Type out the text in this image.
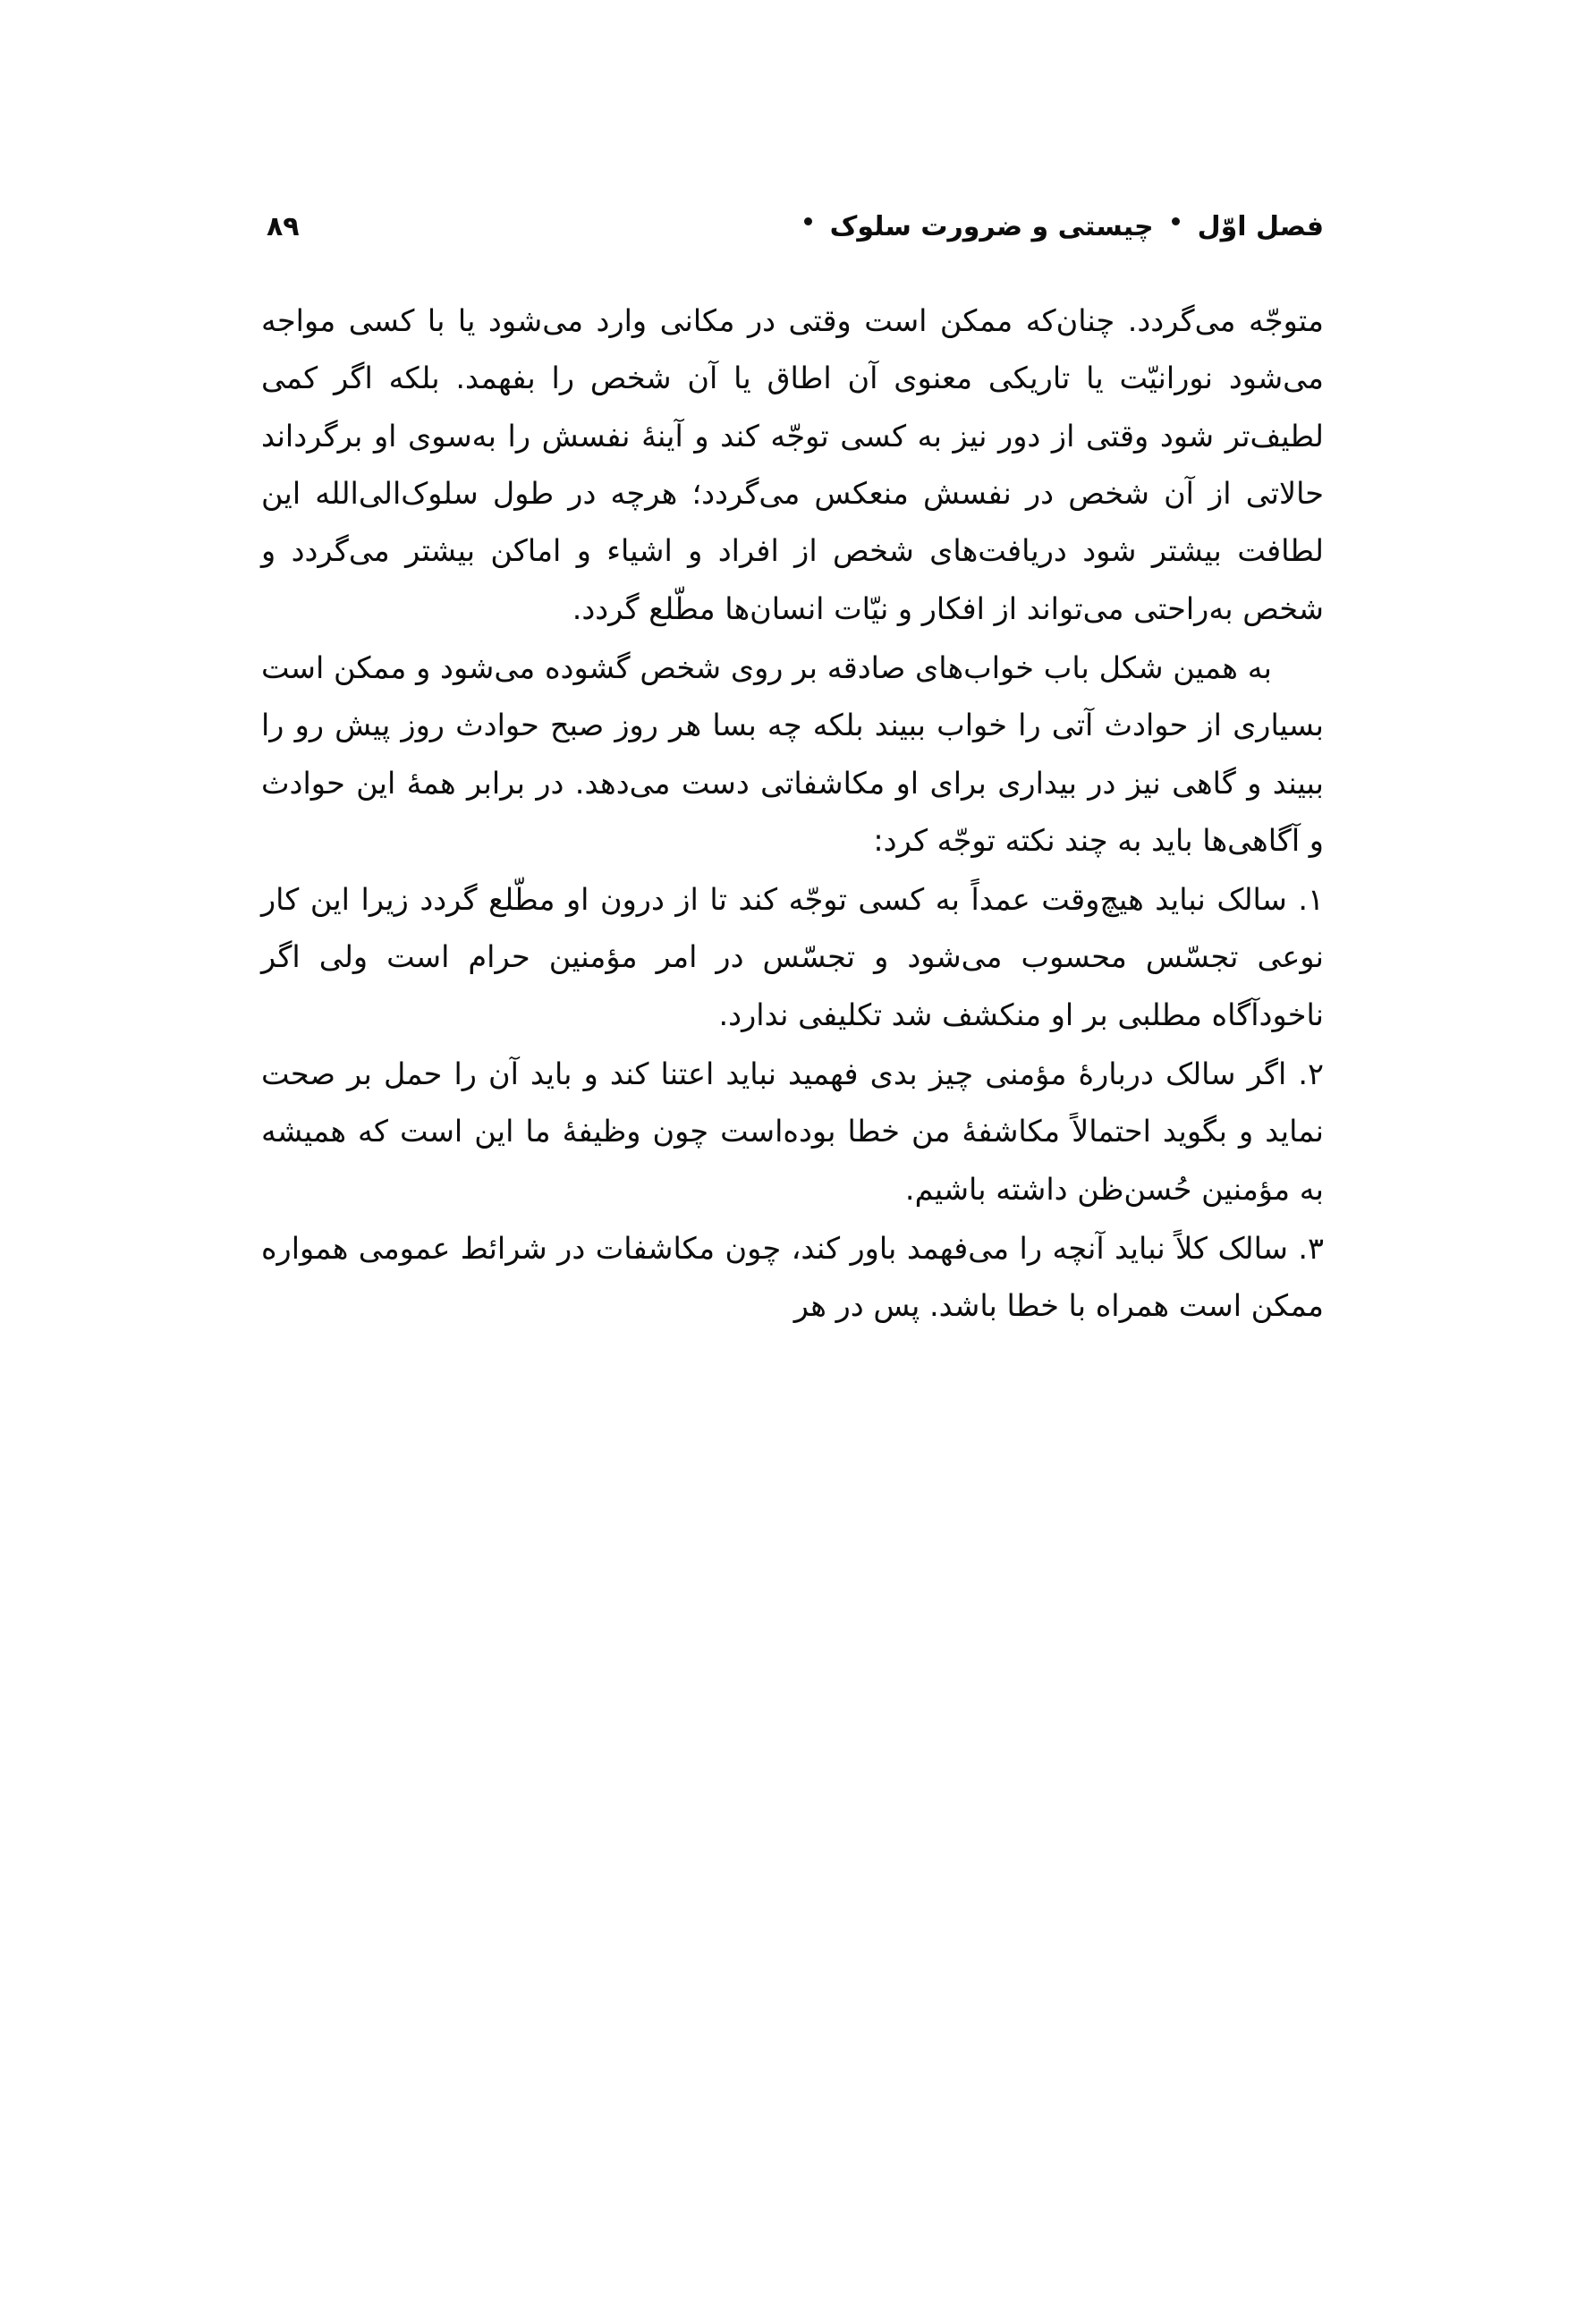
فصل اوّل
چیستی و ضرورت سلوک
۸۹

متوجّه می‌گردد. چنان‌که ممکن است وقتی در مکانی وارد می‌شود یا با کسی مواجه می‌شود نورانیّت یا تاریکی معنوی آن اطاق یا آن شخص را بفهمد. بلکه اگر کمی لطیف‌تر شود وقتی از دور نیز به کسی توجّه کند و آینهٔ نفسش را به‌سوی او برگرداند حالاتی از آن شخص در نفسش منعکس می‌گردد؛ هرچه در طول سلوک‌الی‌الله این لطافت بیشتر شود دریافت‌های شخص از افراد و اشیاء و اماکن بیشتر می‌گردد و شخص به‌راحتی می‌تواند از افکار و نیّات انسان‌ها مطّلع گردد.

به همین شکل باب خواب‌های صادقه بر روی شخص گشوده می‌شود و ممکن است بسیاری از حوادث آتی را خواب ببیند بلکه چه بسا هر روز صبح حوادث روز پیش رو را ببیند و گاهی نیز در بیداری برای او مکاشفاتی دست می‌دهد. در برابر همهٔ این حوادث و آگاهی‌ها باید به چند نکته توجّه کرد:

۱. سالک نباید هیچ‌وقت عمداً به کسی توجّه کند تا از درون او مطّلع گردد زیرا این کار نوعی تجسّس محسوب می‌شود و تجسّس در امر مؤمنین حرام است ولی اگر ناخودآگاه مطلبی بر او منکشف شد تکلیفی ندارد.

۲. اگر سالک دربارهٔ مؤمنی چیز بدی فهمید نباید اعتنا کند و باید آن را حمل بر صحت نماید و بگوید احتمالاً مکاشفهٔ من خطا بوده‌است چون وظیفهٔ ما این است که همیشه به مؤمنین حُسن‌ظن داشته باشیم.

۳. سالک کلاً نباید آنچه را می‌فهمد باور کند، چون مکاشفات در شرائط عمومی همواره ممکن است همراه با خطا باشد. پس در هر
